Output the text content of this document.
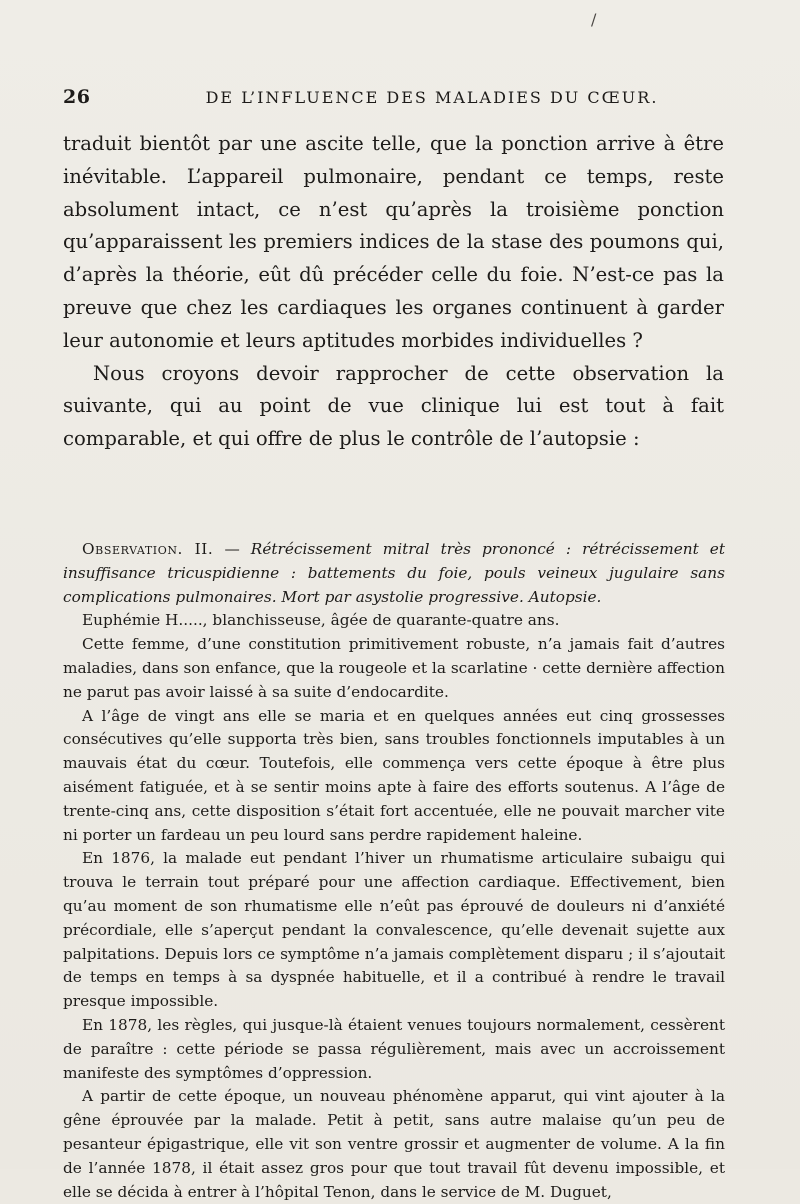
/
26	DE L’INFLUENCE DES MALADIES DU CŒUR.

traduit bientôt par une ascite telle, que la ponction arrive à être inévitable. L’appareil pulmonaire, pendant ce temps, reste absolument intact, ce n’est qu’après la troisième ponction qu’apparaissent les premiers indices de la stase des poumons qui, d’après la théorie, eût dû précéder celle du foie. N’est-ce pas la preuve que chez les cardiaques les organes continuent à garder leur autonomie et leurs aptitudes morbides individuelles ?

Nous croyons devoir rapprocher de cette observation la suivante, qui au point de vue clinique lui est tout à fait comparable, et qui offre de plus le contrôle de l’autopsie :

Observation. II. — Rétrécissement mitral très prononcé : rétrécissement et insuffisance tricuspidienne : battements du foie, pouls veineux jugulaire sans complications pulmonaires. Mort par asystolie progressive. Autopsie.

Euphémie H....., blanchisseuse, âgée de quarante-quatre ans.

Cette femme, d’une constitution primitivement robuste, n’a jamais fait d’autres maladies, dans son enfance, que la rougeole et la scarlatine · cette dernière affection ne parut pas avoir laissé à sa suite d’endocardite.

A l’âge de vingt ans elle se maria et en quelques années eut cinq grossesses consécutives qu’elle supporta très bien, sans troubles fonctionnels imputables à un mauvais état du cœur. Toutefois, elle commença vers cette époque à être plus aisément fatiguée, et à se sentir moins apte à faire des efforts soutenus. A l’âge de trente-cinq ans, cette disposition s’était fort accentuée, elle ne pouvait marcher vite ni porter un fardeau un peu lourd sans perdre rapidement haleine.

En 1876, la malade eut pendant l’hiver un rhumatisme articulaire subaigu qui trouva le terrain tout préparé pour une affection cardiaque. Effectivement, bien qu’au moment de son rhumatisme elle n’eût pas éprouvé de douleurs ni d’anxiété précordiale, elle s’aperçut pendant la convalescence, qu’elle devenait sujette aux palpitations. Depuis lors ce symptôme n’a jamais complètement disparu ; il s’ajoutait de temps en temps à sa dyspnée habituelle, et il a contribué à rendre le travail presque impossible.

En 1878, les règles, qui jusque-là étaient venues toujours normalement, cessèrent de paraître : cette période se passa régulièrement, mais avec un accroissement manifeste des symptômes d’oppression.

A partir de cette époque, un nouveau phénomène apparut, qui vint ajouter à la gêne éprouvée par la malade. Petit à petit, sans autre malaise qu’un peu de pesanteur épigastrique, elle vit son ventre grossir et augmenter de volume. A la fin de l’année 1878, il était assez gros pour que tout travail fût devenu impossible, et elle se décida à entrer à l’hôpital Tenon, dans le service de M. Duguet,
